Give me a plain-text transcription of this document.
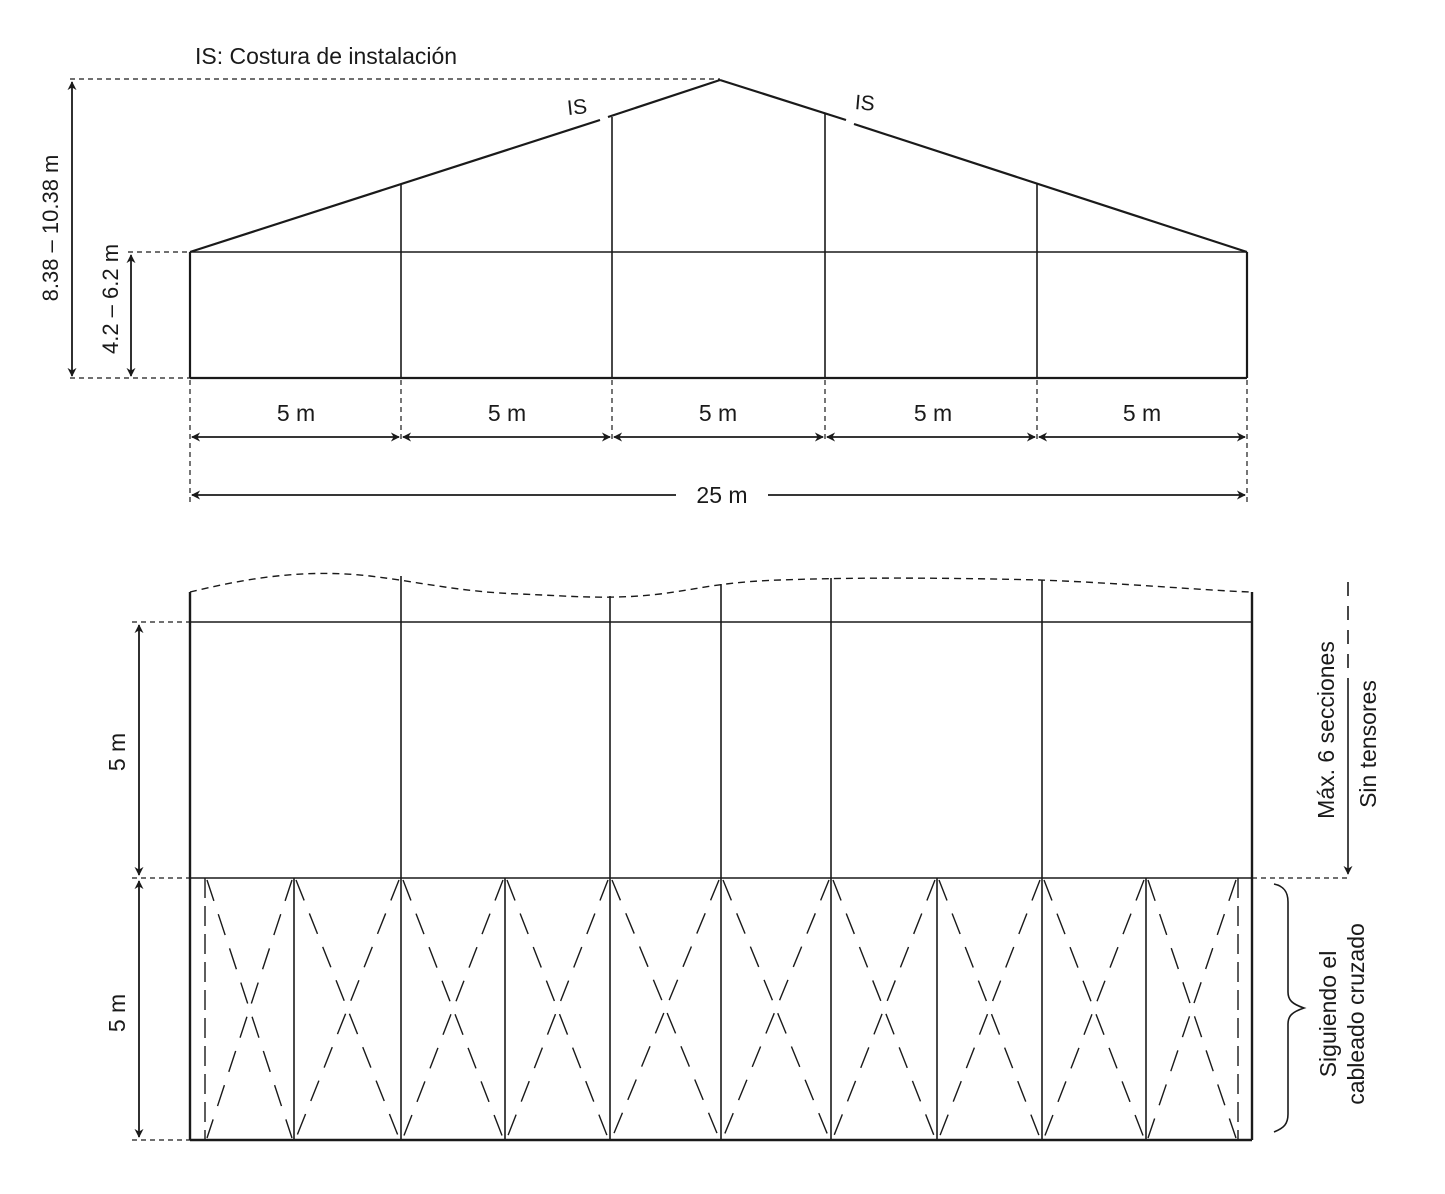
IS: Costura de instalación
IS	IS
8.38 – 10.38 m 4.2 – 6.2 m
5 m	5 m	5 m	5 m	5 m
25 m
5 m
5 m
Máx. 6 secciones Sin tensores
Siguiendo el cableado cruzado
